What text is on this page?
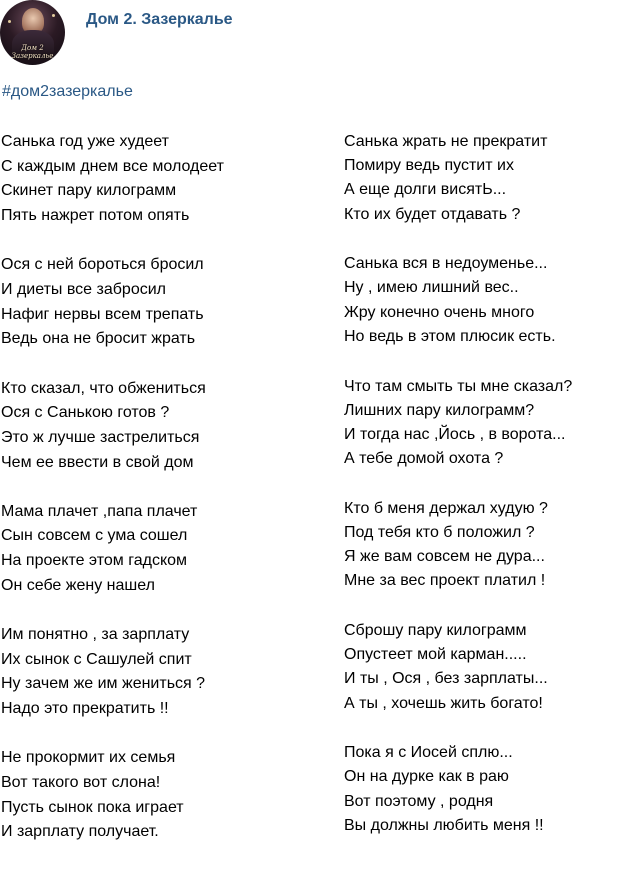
Дом 2 Зазеркалье
Дом 2. Зазеркалье
#дом2зазеркалье
Санька год уже худеет
С каждым днем все молодеет
Скинет пару килограмм
Пять нажрет потом опять
Ося с ней бороться бросил
И диеты все забросил
Нафиг нервы всем трепать
Ведь она не бросит жрать
Кто сказал, что обжениться
Ося с Санькою готов ?
Это ж лучше застрелиться
Чем ее ввести в свой дом
Мама плачет ,папа плачет
Сын совсем с ума сошел
На проекте этом гадском
Он себе жену нашел
Им понятно , за зарплату
Их сынок с Сашулей спит
Ну зачем же им жениться ?
Надо это прекратить !!
Не прокормит их семья
Вот такого вот слона!
Пусть сынок пока играет
И зарплату получает.
Санька жрать не прекратит
Помиру ведь пустит их
А еще долги висятЬ...
Кто их будет отдавать ?
Санька вся в недоуменье...
Ну , имею лишний вес..
Жру конечно очень много
Но ведь в этом плюсик есть.
Что там смыть ты мне сказал?
Лишних пару килограмм?
И тогда нас ,Йось , в ворота...
А тебе домой охота ?
Кто б меня держал худую ?
Под тебя кто б положил ?
Я же вам совсем не дура...
Мне за вес проект платил !
Сброшу пару килограмм
Опустеет мой карман.....
И ты , Ося , без зарплаты...
А ты , хочешь жить богато!
Пока я с Иосей сплю...
Он на дурке как в раю
Вот поэтому , родня
Вы должны любить меня !!
